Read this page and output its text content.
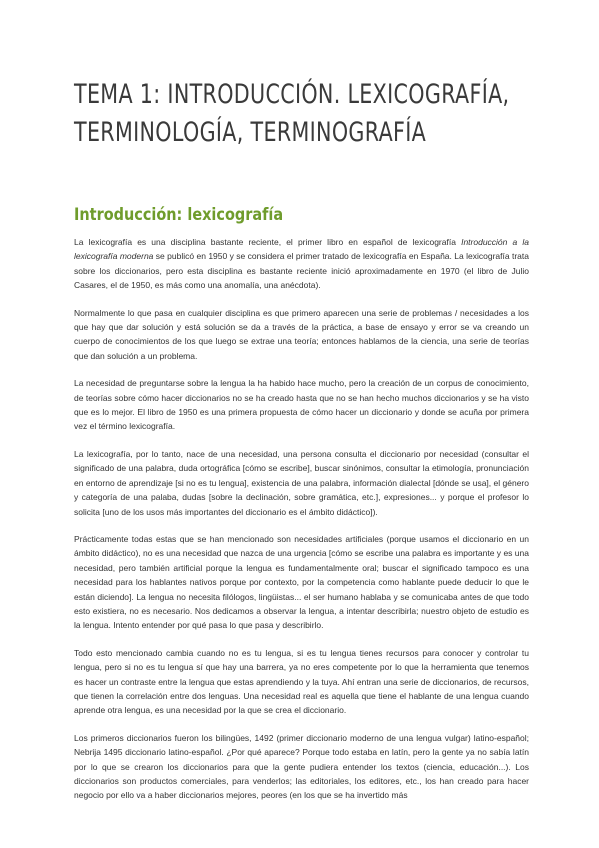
TEMA 1: INTRODUCCIÓN. LEXICOGRAFÍA,
TERMINOLOGÍA, TERMINOGRAFÍA
Introducción: lexicografía

La lexicografía es una disciplina bastante reciente, el primer libro en español de lexicografía Introducción a la lexicografía moderna se publicó en 1950 y se considera el primer tratado de lexicografía en España. La lexicografía trata sobre los diccionarios, pero esta disciplina es bastante reciente inició aproximadamente en 1970 (el libro de Julio Casares, el de 1950, es más como una anomalía, una anécdota).

Normalmente lo que pasa en cualquier disciplina es que primero aparecen una serie de problemas / necesidades a los que hay que dar solución y está solución se da a través de la práctica, a base de ensayo y error se va creando un cuerpo de conocimientos de los que luego se extrae una teoría; entonces hablamos de la ciencia, una serie de teorías que dan solución a un problema.

La necesidad de preguntarse sobre la lengua la ha habido hace mucho, pero la creación de un corpus de conocimiento, de teorías sobre cómo hacer diccionarios no se ha creado hasta que no se han hecho muchos diccionarios y se ha visto que es lo mejor. El libro de 1950 es una primera propuesta de cómo hacer un diccionario y donde se acuña por primera vez el término lexicografía.

La lexicografía, por lo tanto, nace de una necesidad, una persona consulta el diccionario por necesidad (consultar el significado de una palabra, duda ortográfica [cómo se escribe], buscar sinónimos, consultar la etimología, pronunciación en entorno de aprendizaje [si no es tu lengua], existencia de una palabra, información dialectal [dónde se usa], el género y categoría de una palaba, dudas [sobre la declinación, sobre gramática, etc.], expresiones... y porque el profesor lo solicita [uno de los usos más importantes del diccionario es el ámbito didáctico]).

Prácticamente todas estas que se han mencionado son necesidades artificiales (porque usamos el diccionario en un ámbito didáctico), no es una necesidad que nazca de una urgencia [cómo se escribe una palabra es importante y es una necesidad, pero también artificial porque la lengua es fundamentalmente oral; buscar el significado tampoco es una necesidad para los hablantes nativos porque por contexto, por la competencia como hablante puede deducir lo que le están diciendo]. La lengua no necesita filólogos, lingüistas... el ser humano hablaba y se comunicaba antes de que todo esto existiera, no es necesario. Nos dedicamos a observar la lengua, a intentar describirla; nuestro objeto de estudio es la lengua. Intento entender por qué pasa lo que pasa y describirlo.

Todo esto mencionado cambia cuando no es tu lengua, si es tu lengua tienes recursos para conocer y controlar tu lengua, pero si no es tu lengua sí que hay una barrera, ya no eres competente por lo que la herramienta que tenemos es hacer un contraste entre la lengua que estas aprendiendo y la tuya. Ahí entran una serie de diccionarios, de recursos, que tienen la correlación entre dos lenguas. Una necesidad real es aquella que tiene el hablante de una lengua cuando aprende otra lengua, es una necesidad por la que se crea el diccionario.

Los primeros diccionarios fueron los bilingües, 1492 (primer diccionario moderno de una lengua vulgar) latino-español; Nebrija 1495 diccionario latino-español. ¿Por qué aparece? Porque todo estaba en latín, pero la gente ya no sabía latín por lo que se crearon los diccionarios para que la gente pudiera entender los textos (ciencia, educación...). Los diccionarios son productos comerciales, para venderlos; las editoriales, los editores, etc., los han creado para hacer negocio por ello va a haber diccionarios mejores, peores (en los que se ha invertido más
